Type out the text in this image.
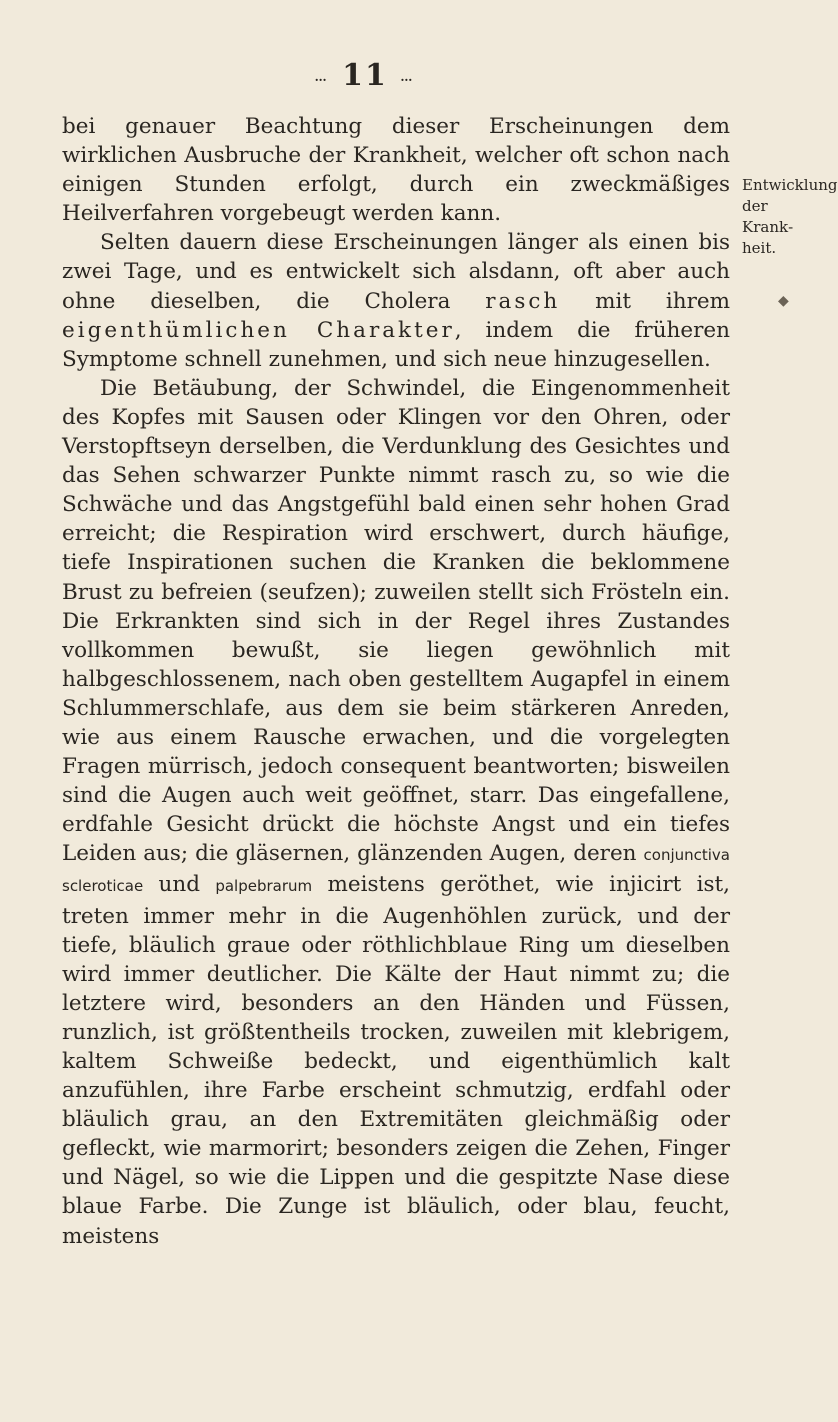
… 11 …
Entwicklung
der Krank‑
heit.
◆

bei genauer Beachtung dieser Erscheinungen dem wirklichen Ausbruche der Krankheit, welcher oft schon nach einigen Stunden erfolgt, durch ein zweckmäßiges Heilverfahren vorgebeugt werden kann.

Selten dauern diese Erscheinungen länger als einen bis zwei Tage, und es entwickelt sich alsdann, oft aber auch ohne dieselben, die Cholera rasch mit ihrem eigenthümlichen Charakter, indem die früheren Symptome schnell zunehmen, und sich neue hinzugesellen.

Die Betäubung, der Schwindel, die Eingenommenheit des Kopfes mit Sausen oder Klingen vor den Ohren, oder Verstopftseyn derselben, die Verdunklung des Gesichtes und das Sehen schwarzer Punkte nimmt rasch zu, so wie die Schwäche und das Angstgefühl bald einen sehr hohen Grad erreicht; die Respiration wird erschwert, durch häufige, tiefe Inspirationen suchen die Kranken die beklommene Brust zu befreien (seufzen); zuweilen stellt sich Frösteln ein. Die Erkrankten sind sich in der Regel ihres Zustandes vollkommen bewußt, sie liegen gewöhnlich mit halbgeschlossenem, nach oben gestelltem Augapfel in einem Schlummerschlafe, aus dem sie beim stärkeren Anreden, wie aus einem Rausche erwachen, und die vorgelegten Fragen mürrisch, jedoch consequent beantworten; bisweilen sind die Augen auch weit geöffnet, starr. Das eingefallene, erdfahle Gesicht drückt die höchste Angst und ein tiefes Leiden aus; die gläsernen, glänzenden Augen, deren conjunctiva scleroticae und palpebrarum meistens geröthet, wie injicirt ist, treten immer mehr in die Augenhöhlen zurück, und der tiefe, bläulich graue oder röthlichblaue Ring um dieselben wird immer deutlicher. Die Kälte der Haut nimmt zu; die letztere wird, besonders an den Händen und Füssen, runzlich, ist größtentheils trocken, zuweilen mit klebrigem, kaltem Schweiße bedeckt, und eigenthümlich kalt anzufühlen, ihre Farbe erscheint schmutzig, erdfahl oder bläulich grau, an den Extremitäten gleichmäßig oder gefleckt, wie marmorirt; besonders zeigen die Zehen, Finger und Nägel, so wie die Lippen und die gespitzte Nase diese blaue Farbe. Die Zunge ist bläulich, oder blau, feucht, meistens
